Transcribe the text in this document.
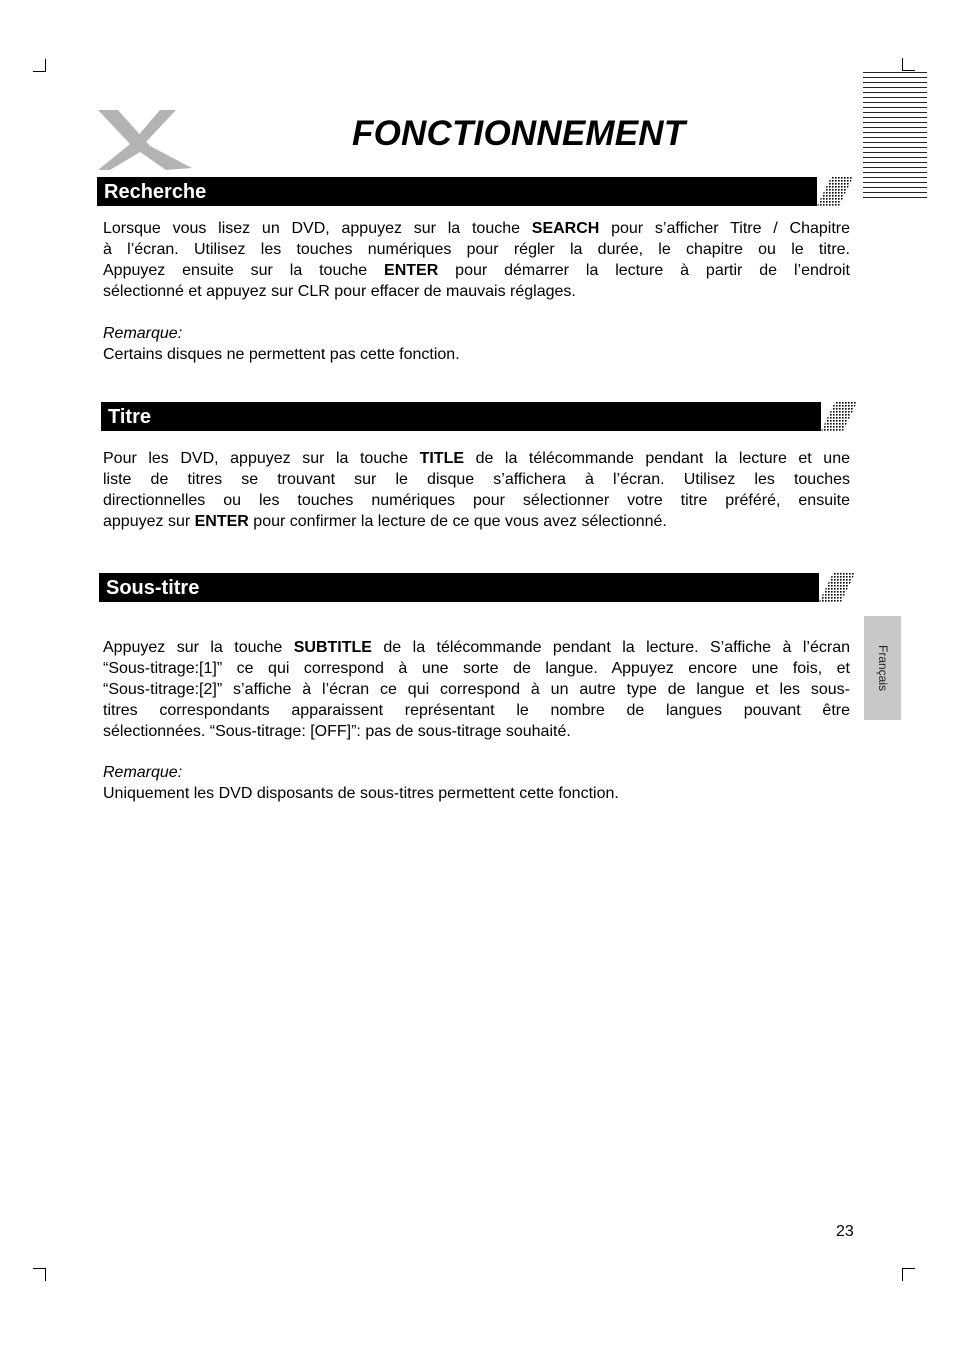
FONCTIONNEMENT
Recherche
Lorsque vous lisez un DVD, appuyez sur la touche SEARCH pour s’afficher Titre / Chapitre
à l’écran. Utilisez les touches numériques pour régler la durée, le chapitre ou le titre.
Appuyez ensuite sur la touche ENTER pour démarrer la lecture à partir de l’endroit
sélectionné et appuyez sur CLR pour effacer de mauvais réglages.
Remarque:
Certains disques ne permettent pas cette fonction.
Titre
Pour les DVD, appuyez sur la touche TITLE de la télécommande pendant la lecture et une
liste de titres se trouvant sur le disque s’affichera à l’écran. Utilisez les touches
directionnelles ou les touches numériques pour sélectionner votre titre préféré, ensuite
appuyez sur ENTER pour confirmer la lecture de ce que vous avez sélectionné.
Sous-titre
Appuyez sur la touche SUBTITLE de la télécommande pendant la lecture. S’affiche à l’écran
“Sous-titrage:[1]” ce qui correspond à une sorte de langue. Appuyez encore une fois, et
“Sous-titrage:[2]” s’affiche à l’écran ce qui correspond à un autre type de langue et les sous-
titres correspondants apparaissent représentant le nombre de langues pouvant être
sélectionnées. “Sous-titrage: [OFF]”: pas de sous-titrage souhaité.
Remarque:
Uniquement les DVD disposants de sous-titres permettent cette fonction.
Français
23
